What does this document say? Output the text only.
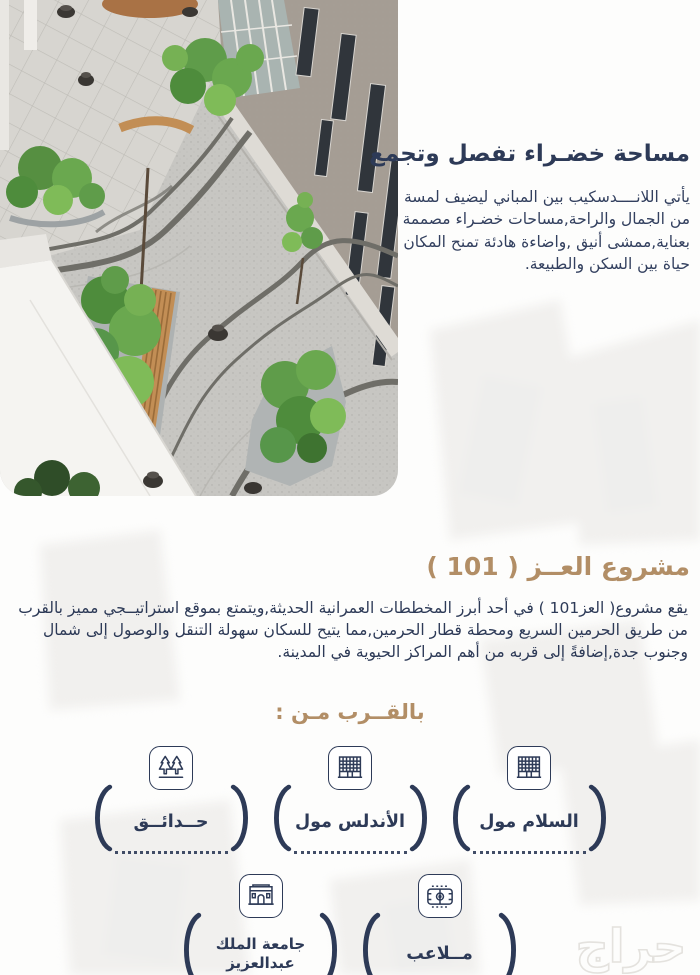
مساحة خضـراء تفصل وتجمع

يأتي اللانــــدسكيب بين المباني ليضيف لمسة من الجمال والراحة,مساحات خضـراء مصممة بعناية,ممشى أنيق ,واضاءة هادئة تمنح المكان حياة بين السكن والطبيعة.

مشروع العــز ( 101 )

يقع مشروع( العز101 ) في أحد أبرز المخططات العمرانية الحديثة,ويتمتع بموقع استراتيــجي مميز بالقرب من طريق الحرمين السريع ومحطة قطار الحرمين,مما يتيح للسكان سهولة التنقل والوصول إلى شمال وجنوب جدة,إضافةً إلى قربه من أهم المراكز الحيوية في المدينة.

بالقــرب مـن :
السلام مول
الأندلس مول
حــدائــق
مــلاعب
جامعة الملك عبدالعزيز	حراج
